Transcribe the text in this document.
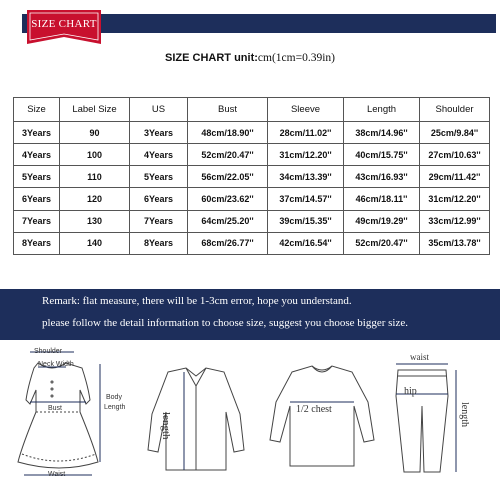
SIZE CHART
SIZE CHART unit:cm(1cm=0.39in)
Size	Label Size	US	Bust	Sleeve	Length	Shoulder
3Years	90	3Years	48cm/18.90''	28cm/11.02''	38cm/14.96''	25cm/9.84''
4Years	100	4Years	52cm/20.47''	31cm/12.20''	40cm/15.75''	27cm/10.63''
5Years	110	5Years	56cm/22.05''	34cm/13.39''	43cm/16.93''	29cm/11.42''
6Years	120	6Years	60cm/23.62''	37cm/14.57''	46cm/18.11''	31cm/12.20''
7Years	130	7Years	64cm/25.20''	39cm/15.35''	49cm/19.29''	33cm/12.99''
8Years	140	8Years	68cm/26.77''	42cm/16.54''	52cm/20.47''	35cm/13.78''
Remark: flat measure, there will be 1-3cm error, hope you understand.
please follow the detail information to choose size, suggest you choose bigger size.
Shoulder
Neck Width
Body
Length
Bust
Waist
length
1/2 chest
waist
hip
length
